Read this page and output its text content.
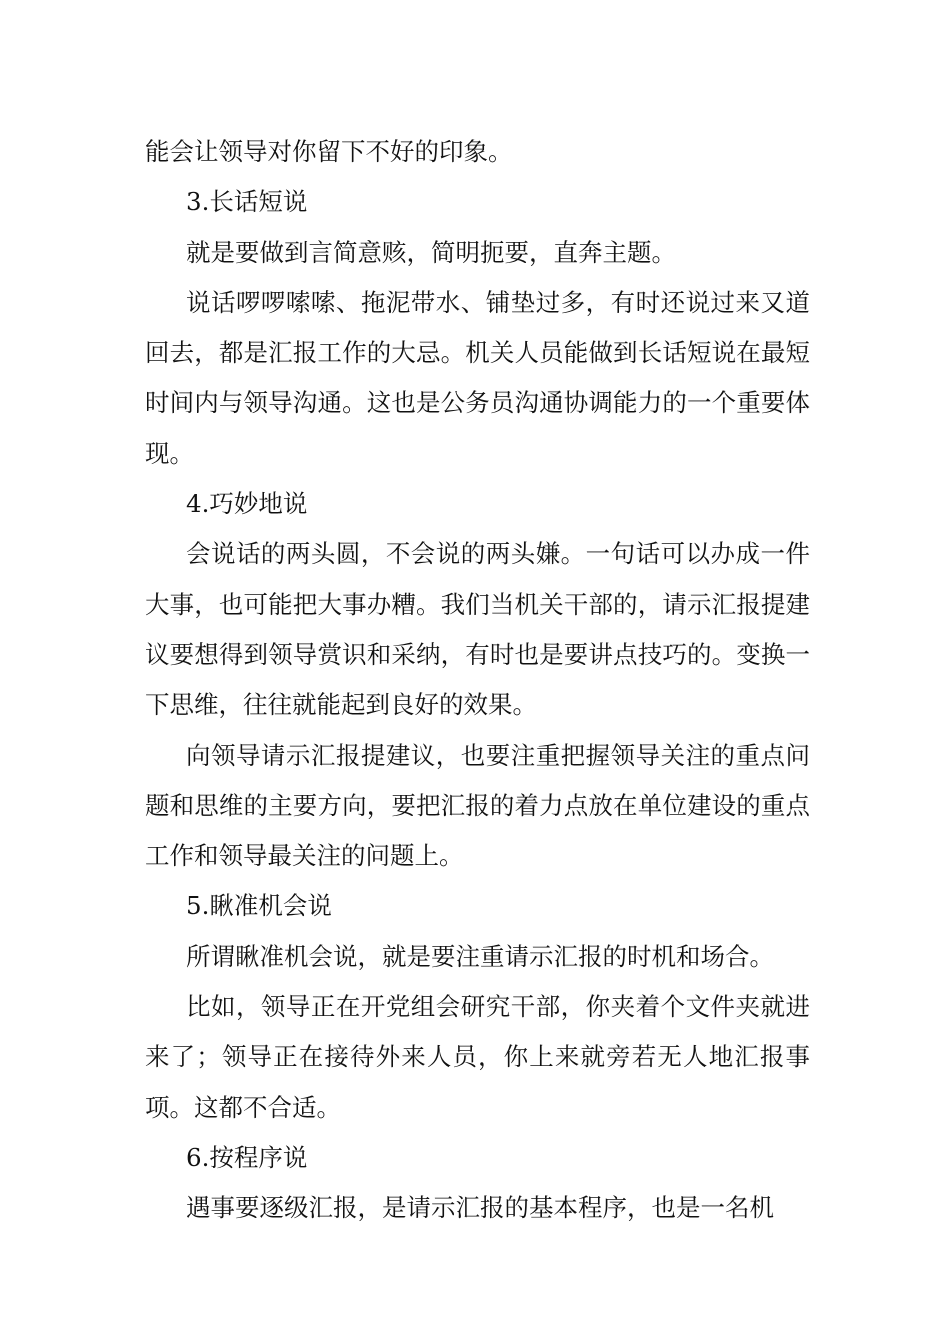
能会让领导对你留下不好的印象。

3.长话短说

就是要做到言简意赅，简明扼要，直奔主题。

说话啰啰嗦嗦、拖泥带水、铺垫过多，有时还说过来又道回去，都是汇报工作的大忌。机关人员能做到长话短说在最短时间内与领导沟通。这也是公务员沟通协调能力的一个重要体现。

4.巧妙地说

会说话的两头圆，不会说的两头嫌。一句话可以办成一件大事，也可能把大事办糟。我们当机关干部的，请示汇报提建议要想得到领导赏识和采纳，有时也是要讲点技巧的。变换一下思维，往往就能起到良好的效果。

向领导请示汇报提建议，也要注重把握领导关注的重点问题和思维的主要方向，要把汇报的着力点放在单位建设的重点工作和领导最关注的问题上。

5.瞅准机会说

所谓瞅准机会说，就是要注重请示汇报的时机和场合。

比如，领导正在开党组会研究干部，你夹着个文件夹就进来了；领导正在接待外来人员，你上来就旁若无人地汇报事项。这都不合适。

6.按程序说

遇事要逐级汇报，是请示汇报的基本程序，也是一名机
